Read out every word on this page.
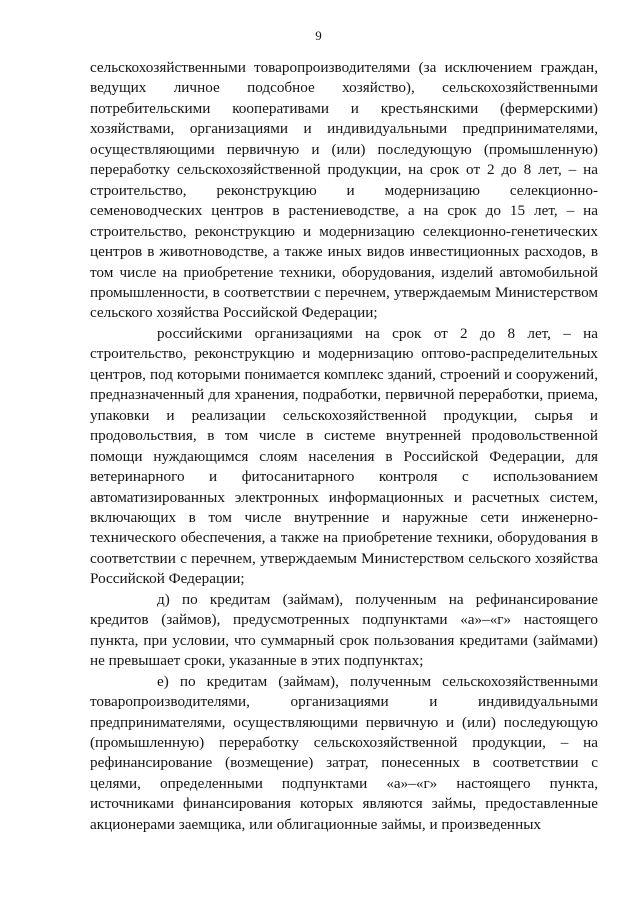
9

сельскохозяйственными товаропроизводителями (за исключением граждан, ведущих личное подсобное хозяйство), сельскохозяйственными потребительскими кооперативами и крестьянскими (фермерскими) хозяйствами, организациями и индивидуальными предпринимателями, осуществляющими первичную и (или) последующую (промышленную) переработку сельскохозяйственной продукции, на срок от 2 до 8 лет, – на строительство, реконструкцию и модернизацию селекционно-семеноводческих центров в растениеводстве, а на срок до 15 лет, – на строительство, реконструкцию и модернизацию селекционно-генетических центров в животноводстве, а также иных видов инвестиционных расходов, в том числе на приобретение техники, оборудования, изделий автомобильной промышленности, в соответствии с перечнем, утверждаемым Министерством сельского хозяйства Российской Федерации;

российскими организациями на срок от 2 до 8 лет, – на строительство, реконструкцию и модернизацию оптово-распределительных центров, под которыми понимается комплекс зданий, строений и сооружений, предназначенный для хранения, подработки, первичной переработки, приема, упаковки и реализации сельскохозяйственной продукции, сырья и продовольствия, в том числе в системе внутренней продовольственной помощи нуждающимся слоям населения в Российской Федерации, для ветеринарного и фитосанитарного контроля с использованием автоматизированных электронных информационных и расчетных систем, включающих в том числе внутренние и наружные сети инженерно-технического обеспечения, а также на приобретение техники, оборудования в соответствии с перечнем, утверждаемым Министерством сельского хозяйства Российской Федерации;

д) по кредитам (займам), полученным на рефинансирование кредитов (займов), предусмотренных подпунктами «а»–«г» настоящего пункта, при условии, что суммарный срок пользования кредитами (займами) не превышает сроки, указанные в этих подпунктах;

е) по кредитам (займам), полученным сельскохозяйственными товаропроизводителями, организациями и индивидуальными предпринимателями, осуществляющими первичную и (или) последующую (промышленную) переработку сельскохозяйственной продукции, – на рефинансирование (возмещение) затрат, понесенных в соответствии с целями, определенными подпунктами «а»–«г» настоящего пункта, источниками финансирования которых являются займы, предоставленные акционерами заемщика, или облигационные займы, и произведенных
